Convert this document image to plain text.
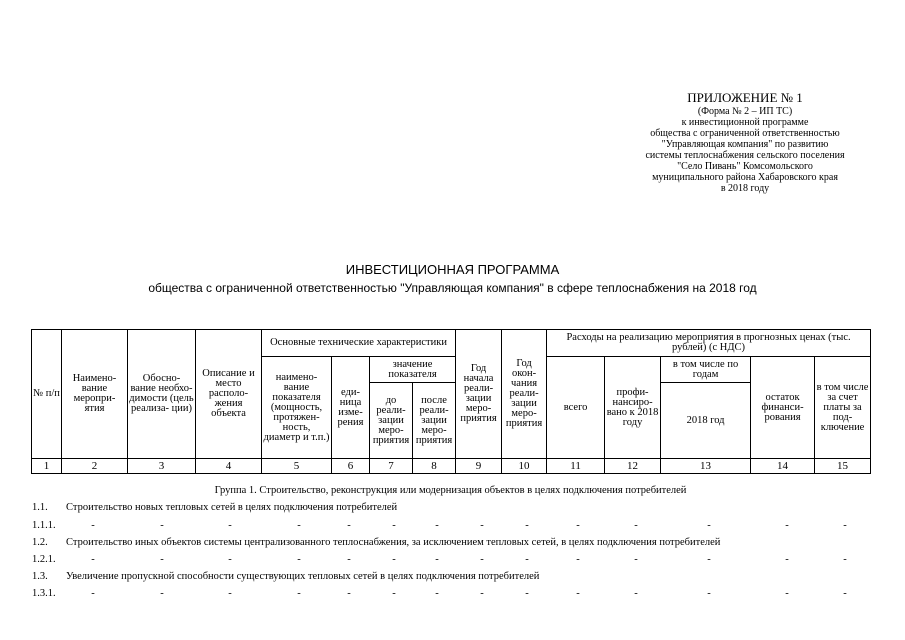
ПРИЛОЖЕНИЕ № 1
(Форма № 2 – ИП ТС)
к инвестиционной программе
общества с ограниченной ответственностью
"Управляющая компания" по развитию
системы теплоснабжения сельского поселения
"Село Пивань" Комсомольского
муниципального района Хабаровского края
в 2018 году
ИНВЕСТИЦИОННАЯ ПРОГРАММА
общества с ограниченной ответственностью "Управляющая компания" в сфере теплоснабжения на 2018 год
№ п/п	Наимено- вание меропри- ятия	Обосно- вание необхо- димости (цель реализа- ции)	Описание и место располо- жения объекта	Основные технические характеристики				Год начала реали- зации меро- приятия	Год окон- чания реали- зации меро- приятия	Расходы на реализацию мероприятия в прогнозных ценах (тыс. рублей) (с НДС)				
				наимено- вание показателя (мощность, протяжен- ность, диаметр и т.п.)	еди- ница изме- рения	значение показателя				всего	профи- нансиро- вано к 2018 году	в том числе по годам	остаток финанси- рования	в том числе за счет платы за под- ключение
						до реали- зации меро- приятия	после реали- зации меро- приятия					2018 год		

1	2	3	4	5	6	7	8	9	10	11	12	13	14	15
Группа 1. Строительство, реконструкция или модернизация объектов в целях подключения потребителей
1.1. Строительство новых тепловых сетей в целях подключения потребителей
1.1.1.	-	-	-	-	-	-	-	-	-	-	-	-	-	-
1.2. Строительство иных объектов системы централизованного теплоснабжения, за исключением тепловых сетей, в целях подключения потребителей
1.2.1.	-	-	-	-	-	-	-	-	-	-	-	-	-	-
1.3. Увеличение пропускной способности существующих тепловых сетей в целях подключения потребителей
1.3.1.	-	-	-	-	-	-	-	-	-	-	-	-	-	-
